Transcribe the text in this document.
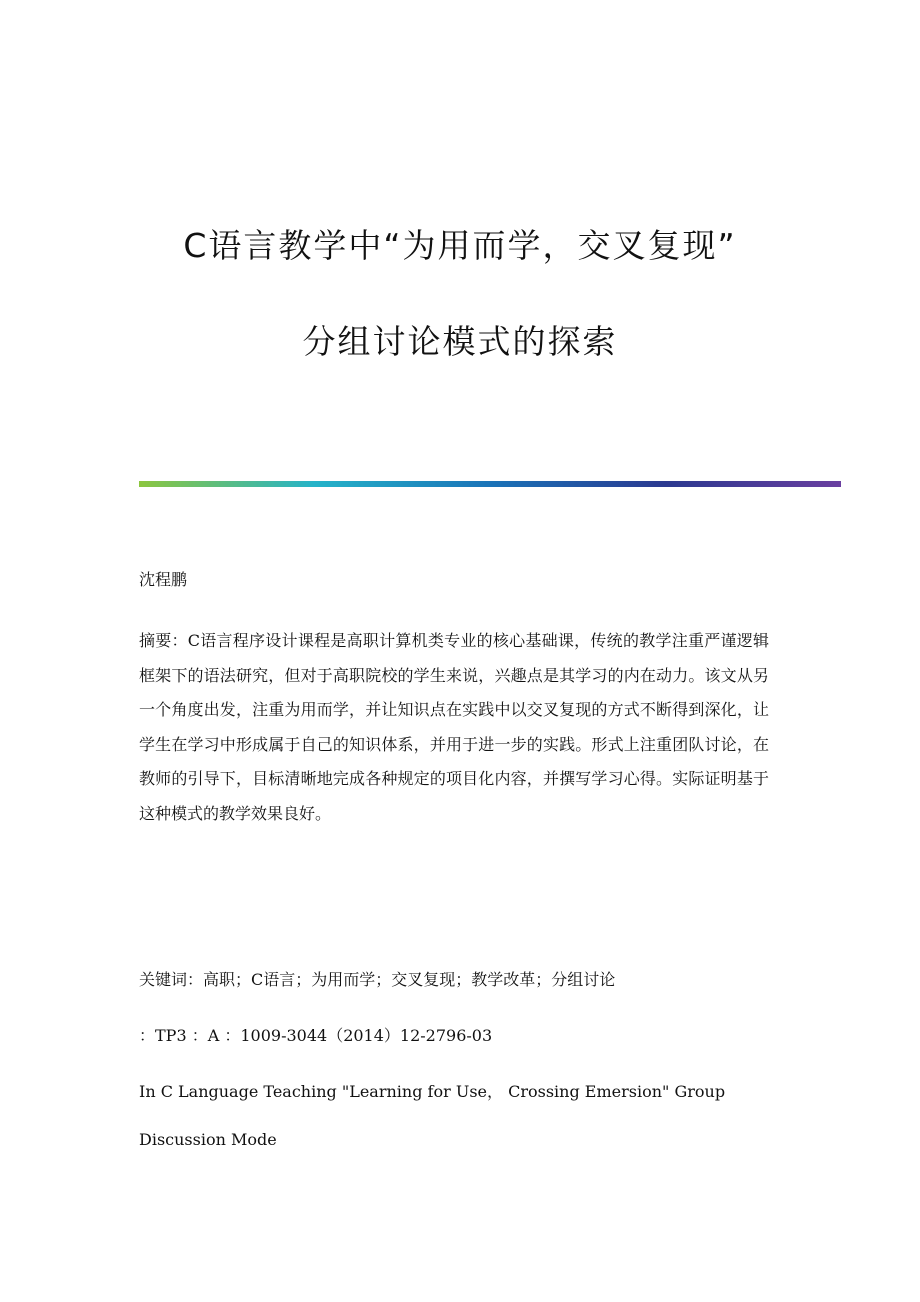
C语言教学中“为用而学，交叉复现”
分组讨论模式的探索
沈程鹏
摘要：C语言程序设计课程是高职计算机类专业的核心基础课，传统的教学注重严谨逻辑框架下的语法研究，但对于高职院校的学生来说，兴趣点是其学习的内在动力。该文从另一个角度出发，注重为用而学，并让知识点在实践中以交叉复现的方式不断得到深化，让学生在学习中形成属于自己的知识体系，并用于进一步的实践。形式上注重团队讨论，在教师的引导下，目标清晰地完成各种规定的项目化内容，并撰写学习心得。实际证明基于这种模式的教学效果良好。
关键词：高职；C语言；为用而学；交叉复现；教学改革；分组讨论
：TP3 ：A ：1009-3044（2014）12-2796-03
In C Language Teaching "Learning for Use， Crossing Emersion" Group
Discussion Mode
